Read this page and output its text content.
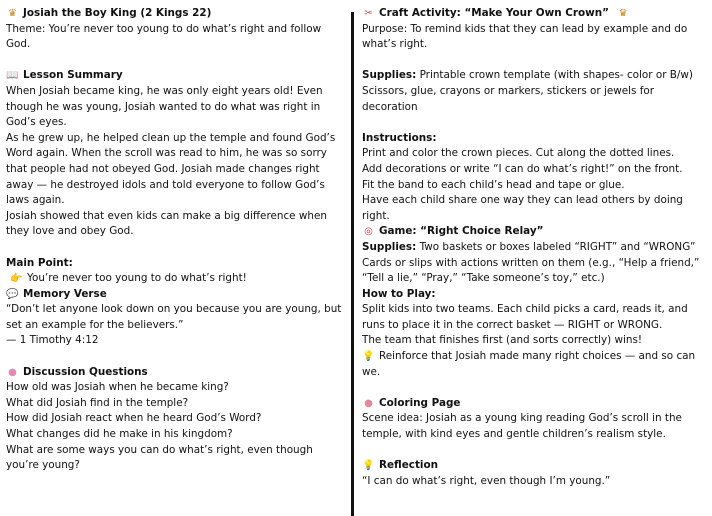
♛ Josiah the Boy King (2 Kings 22)
Theme: You’re never too young to do what’s right and follow God.
📖 Lesson Summary
When Josiah became king, he was only eight years old! Even though he was young, Josiah wanted to do what was right in God’s eyes.
As he grew up, he helped clean up the temple and found God’s Word again. When the scroll was read to him, he was so sorry that people had not obeyed God. Josiah made changes right away — he destroyed idols and told everyone to follow God’s laws again.
Josiah showed that even kids can make a big difference when they love and obey God.
Main Point:
👉 You’re never too young to do what’s right!
💬 Memory Verse
“Don’t let anyone look down on you because you are young, but set an example for the believers.”
— 1 Timothy 4:12
● Discussion Questions
How old was Josiah when he became king?
What did Josiah find in the temple?
How did Josiah react when he heard God’s Word?
What changes did he make in his kingdom?
What are some ways you can do what’s right, even though you’re young?
✂ Craft Activity: “Make Your Own Crown” ♛
Purpose: To remind kids that they can lead by example and do what’s right.
Supplies: Printable crown template (with shapes- color or B/w) Scissors, glue, crayons or markers, stickers or jewels for decoration
Instructions:
Print and color the crown pieces. Cut along the dotted lines.
Add decorations or write “I can do what’s right!” on the front.
Fit the band to each child’s head and tape or glue.
Have each child share one way they can lead others by doing right.
◎ Game: “Right Choice Relay”
Supplies: Two baskets or boxes labeled “RIGHT” and “WRONG” Cards or slips with actions written on them (e.g., “Help a friend,” “Tell a lie,” “Pray,” “Take someone’s toy,” etc.)
How to Play:
Split kids into two teams. Each child picks a card, reads it, and runs to place it in the correct basket — RIGHT or WRONG.
The team that finishes first (and sorts correctly) wins!
💡 Reinforce that Josiah made many right choices — and so can we.
● Coloring Page
Scene idea: Josiah as a young king reading God’s scroll in the temple, with kind eyes and gentle children’s realism style.
💡 Reflection
“I can do what’s right, even though I’m young.”
